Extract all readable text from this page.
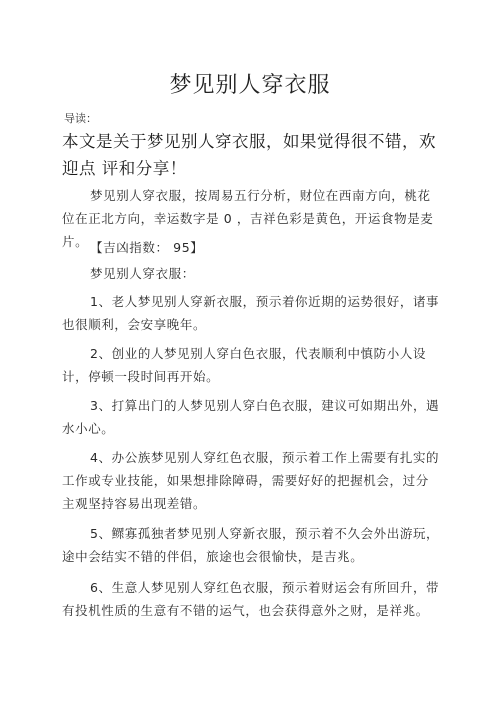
梦见别人穿衣服
导读：
本文是关于梦见别人穿衣服，如果觉得很不错，欢迎点 评和分享！
梦见别人穿衣服，按周易五行分析，财位在西南方向，桃花位在正北方向，幸运数字是 0 ，吉祥色彩是黄色，开运食物是麦片。 【吉凶指数： 95】
梦见别人穿衣服：
1、老人梦见别人穿新衣服，预示着你近期的运势很好，诸事也很顺利，会安享晚年。
2、创业的人梦见别人穿白色衣服，代表顺利中慎防小人设计，停顿一段时间再开始。
3、打算出门的人梦见别人穿白色衣服，建议可如期出外，遇水小心。
4、办公族梦见别人穿红色衣服，预示着工作上需要有扎实的工作或专业技能，如果想排除障碍，需要好好的把握机会，过分主观坚持容易出现差错。
5、鳏寡孤独者梦见别人穿新衣服，预示着不久会外出游玩，途中会结实不错的伴侣，旅途也会很愉快，是吉兆。
6、生意人梦见别人穿红色衣服，预示着财运会有所回升，带有投机性质的生意有不错的运气，也会获得意外之财，是祥兆。
